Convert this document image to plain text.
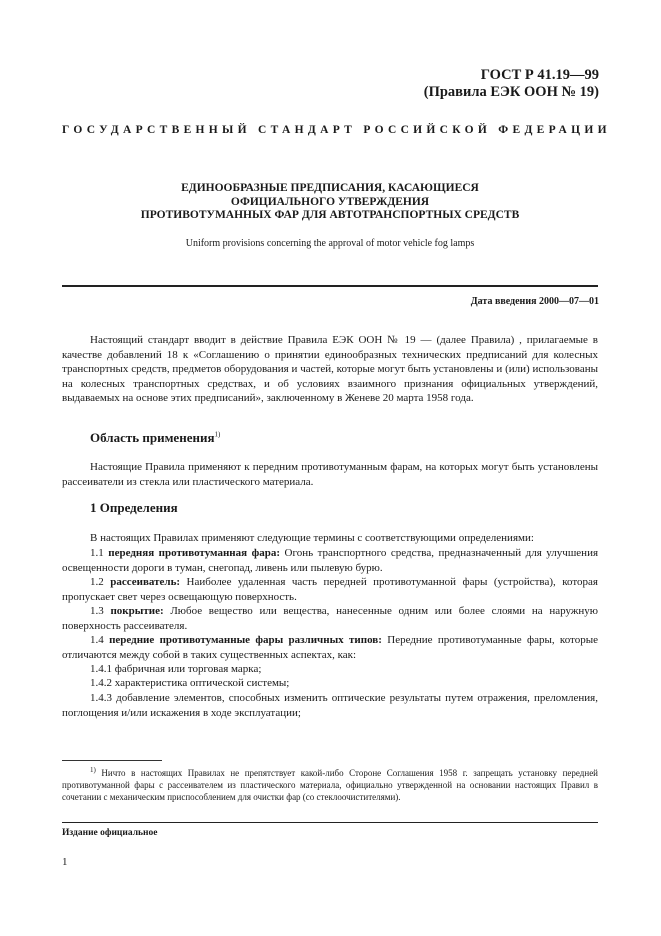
ГОСТ Р 41.19—99
(Правила ЕЭК ООН № 19)
ГОСУДАРСТВЕННЫЙ СТАНДАРТ РОССИЙСКОЙ ФЕДЕРАЦИИ
ЕДИНООБРАЗНЫЕ ПРЕДПИСАНИЯ, КАСАЮЩИЕСЯ
ОФИЦИАЛЬНОГО УТВЕРЖДЕНИЯ
ПРОТИВОТУМАННЫХ ФАР ДЛЯ АВТОТРАНСПОРТНЫХ СРЕДСТВ
Uniform provisions concerning the approval of motor vehicle fog lamps
Дата введения 2000—07—01

Настоящий стандарт вводит в действие Правила ЕЭК ООН № 19 — (далее Правила) , прилагаемые в качестве добавлений 18 к «Соглашению о принятии единообразных технических предписаний для колесных транспортных средств, предметов оборудования и частей, которые могут быть установлены и (или) использованы на колесных транспортных средствах, и об условиях взаимного признания официальных утверждений, выдаваемых на основе этих предписаний», заключенному в Женеве 20 марта 1958 года.

Область применения$^{1)}$

Настоящие Правила применяют к передним противотуманным фарам, на которых могут быть установлены рассеиватели из стекла или пластического материала.

1 Определения

В настоящих Правилах применяют следующие термины с соответствующими определениями:

1.1 передняя противотуманная фара: Огонь транспортного средства, предназначенный для улучшения освещенности дороги в туман, снегопад, ливень или пылевую бурю.

1.2 рассеиватель: Наиболее удаленная часть передней противотуманной фары (устройства), которая пропускает свет через освещающую поверхность.

1.3 покрытие: Любое вещество или вещества, нанесенные одним или более слоями на наружную поверхность рассеивателя.

1.4 передние противотуманные фары различных типов: Передние противотуманные фары, которые отличаются между собой в таких существенных аспектах, как:

1.4.1 фабричная или торговая марка;

1.4.2 характеристика оптической системы;

1.4.3 добавление элементов, способных изменить оптические результаты путем отражения, преломления, поглощения и/или искажения в ходе эксплуатации;

$^{1)}$ Ничто в настоящих Правилах не препятствует какой-либо Стороне Соглашения 1958 г. запрещать установку передней противотуманной фары с рассеивателем из пластического материала, официально утвержденной на основании настоящих Правил в сочетании с механическим приспособлением для очистки фар (со стеклоочистителями).

Издание официальное
1
